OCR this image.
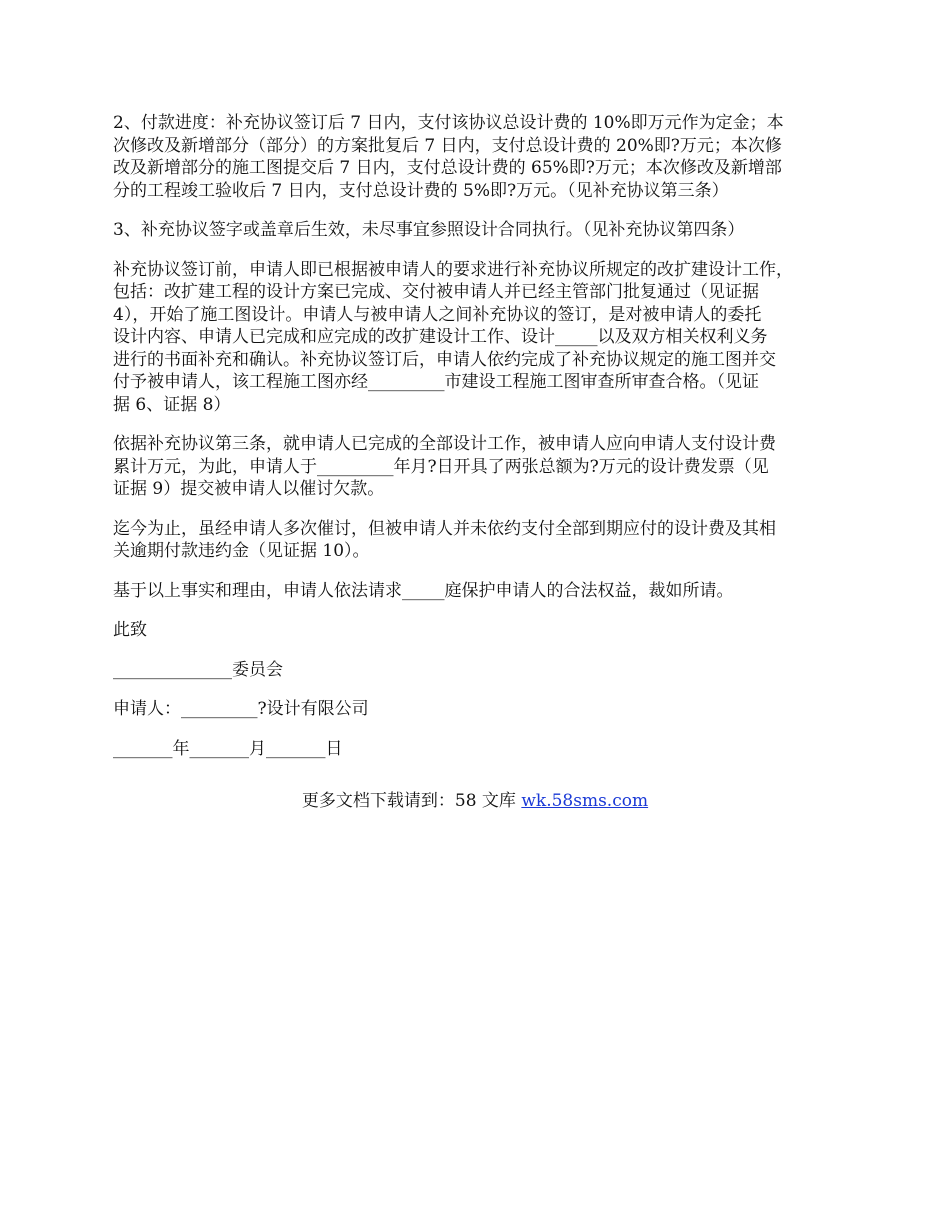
2、付款进度：补充协议签订后 7 日内，支付该协议总设计费的 10%即万元作为定金；本
次修改及新增部分（部分）的方案批复后 7 日内，支付总设计费的 20%即?万元；本次修
改及新增部分的施工图提交后 7 日内，支付总设计费的 65%即?万元；本次修改及新增部
分的工程竣工验收后 7 日内，支付总设计费的 5%即?万元。（见补充协议第三条）

3、补充协议签字或盖章后生效，未尽事宜参照设计合同执行。（见补充协议第四条）

补充协议签订前，申请人即已根据被申请人的要求进行补充协议所规定的改扩建设计工作，
包括：改扩建工程的设计方案已完成、交付被申请人并已经主管部门批复通过（见证据
4），开始了施工图设计。申请人与被申请人之间补充协议的签订，是对被申请人的委托
设计内容、申请人已完成和应完成的改扩建设计工作、设计_____以及双方相关权利义务
进行的书面补充和确认。补充协议签订后，申请人依约完成了补充协议规定的施工图并交
付予被申请人，该工程施工图亦经_________市建设工程施工图审查所审查合格。（见证
据 6、证据 8）

依据补充协议第三条，就申请人已完成的全部设计工作，被申请人应向申请人支付设计费
累计万元，为此，申请人于_________年月?日开具了两张总额为?万元的设计费发票（见
证据 9）提交被申请人以催讨欠款。

迄今为止，虽经申请人多次催讨，但被申请人并未依约支付全部到期应付的设计费及其相
关逾期付款违约金（见证据 10）。

基于以上事实和理由，申请人依法请求_____庭保护申请人的合法权益，裁如所请。

此致

______________委员会

申请人：_________?设计有限公司

_______年_______月_______日

更多文档下载请到：58 文库 wk.58sms.com
